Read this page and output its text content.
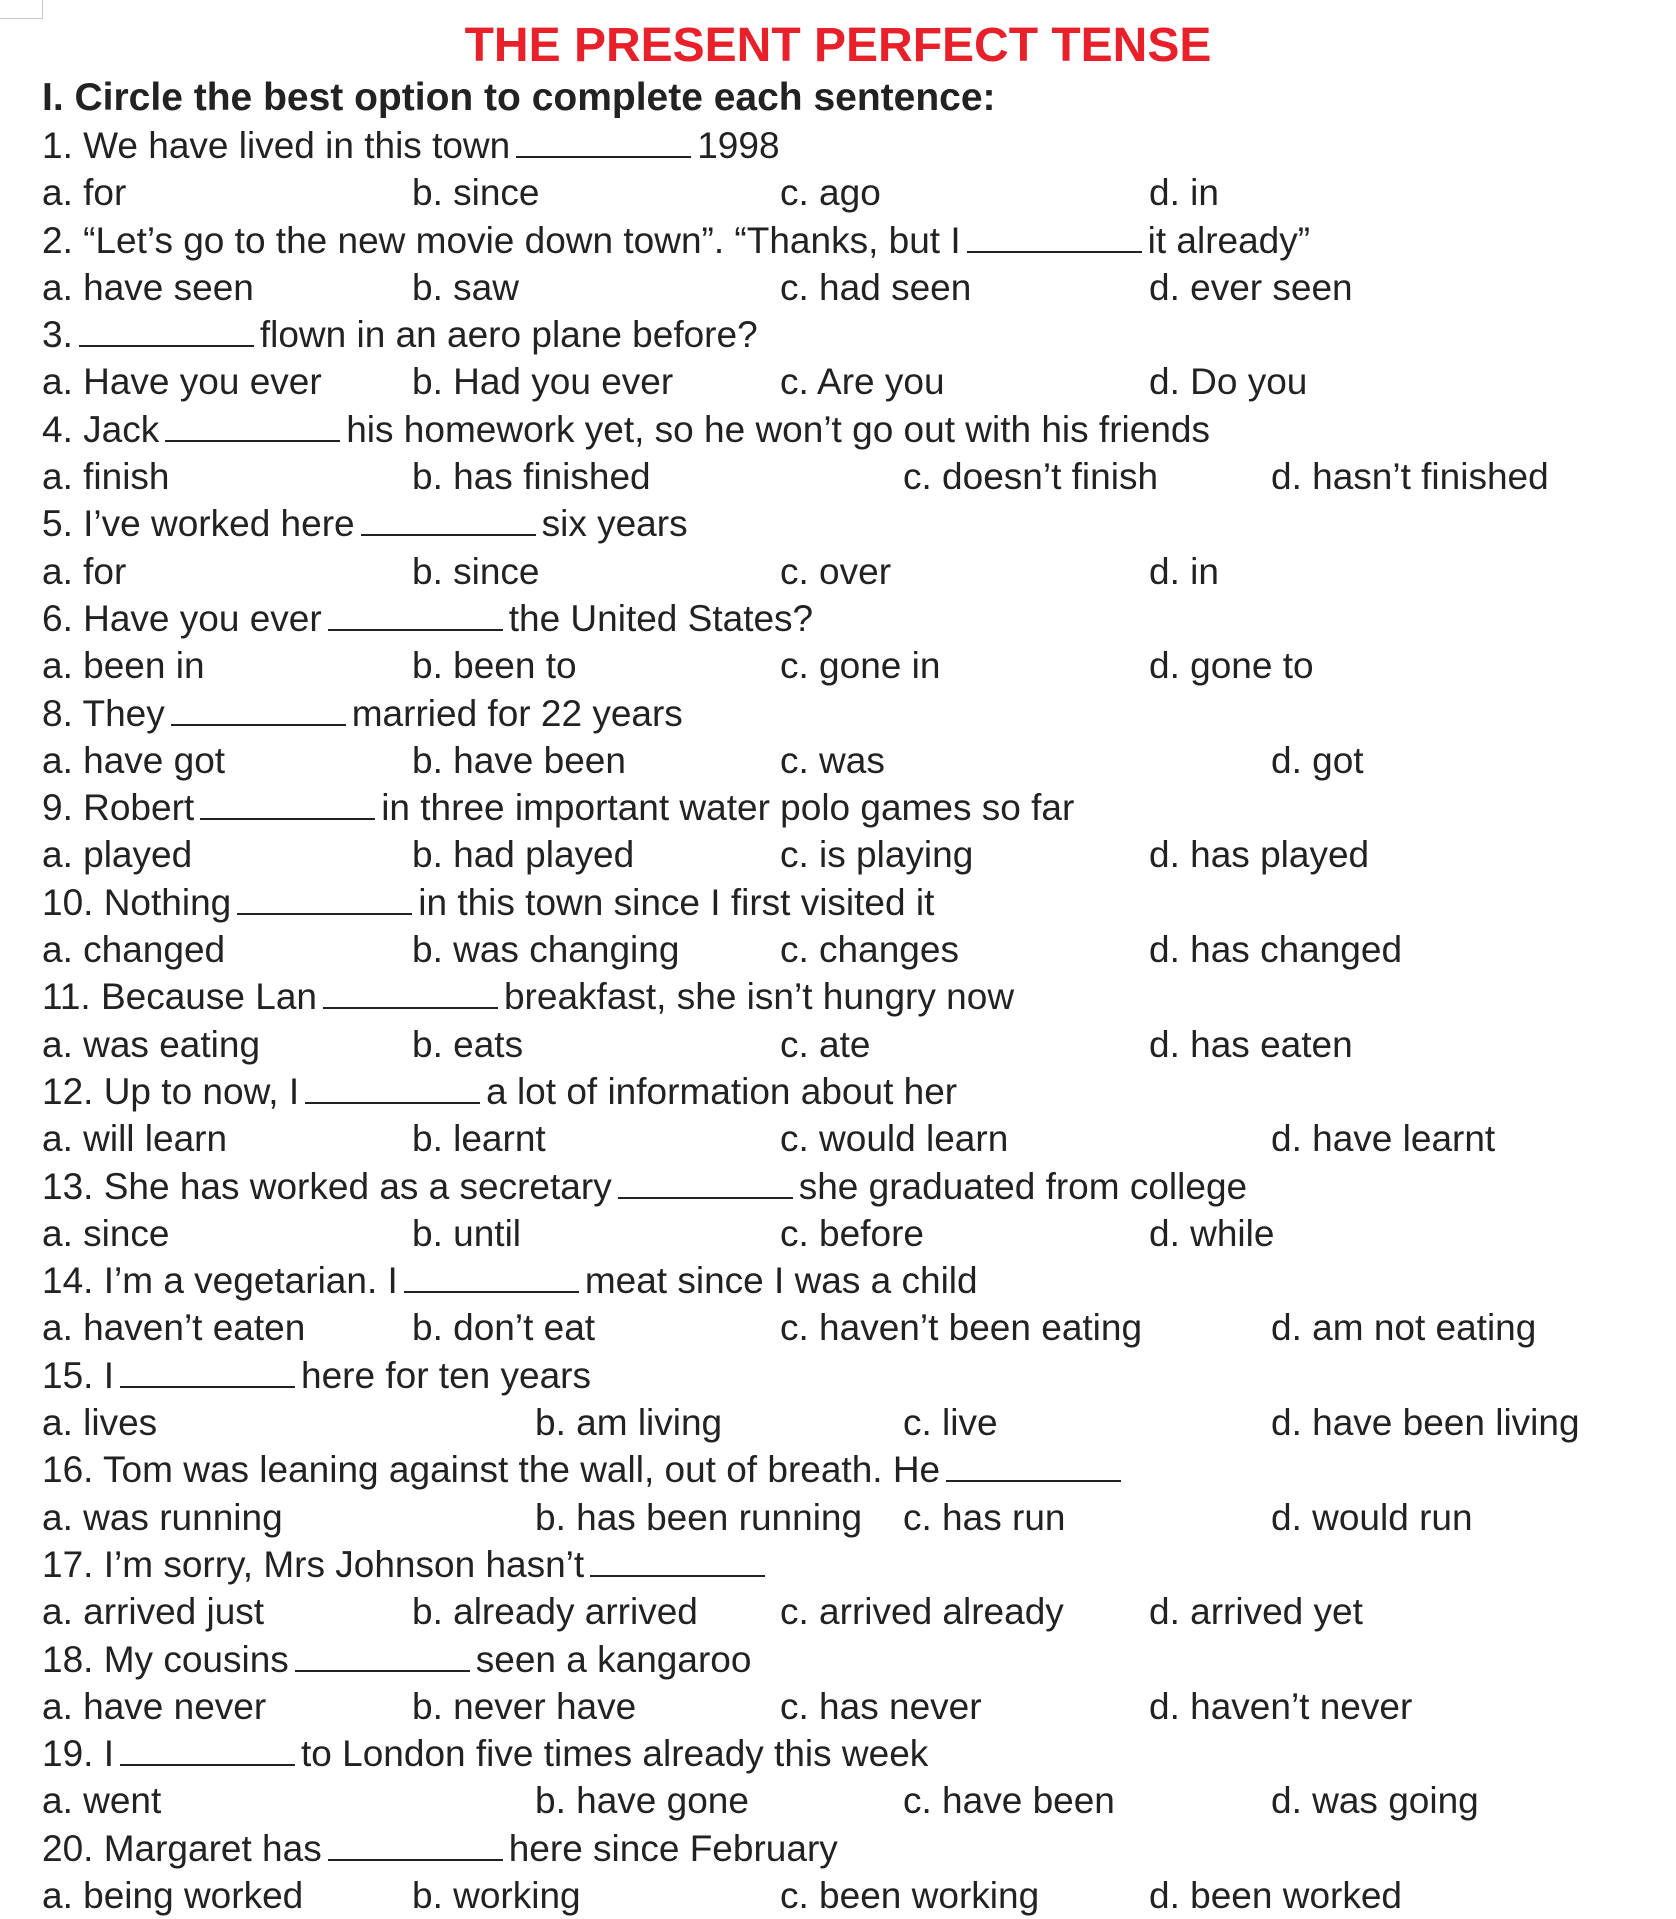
THE PRESENT PERFECT TENSE
I. Circle the best option to complete each sentence:
1. We have lived in this town	1998
a. for	b. since	c. ago	d. in
2. “Let’s go to the new movie down town”. “Thanks, but I	it already”
a. have seen	b. saw	c. had seen	d. ever seen
3.	flown in an aero plane before?
a. Have you ever b. Had you ever	c. Are you	d. Do you
4. Jack	his homework yet, so he won’t go out with his friends
a. finish	b. has finished	c. doesn’t finish	d. hasn’t finished
5. I’ve worked here	six years
a. for	b. since	c. over	d. in
6. Have you ever	the United States?
a. been in	b. been to	c. gone in	d. gone to
8. They	married for 22 years
a. have got	b. have been	c. was	d. got
9. Robert	in three important water polo games so far
a. played	b. had played	c. is playing	d. has played
10. Nothing	in this town since I first visited it
a. changed	b. was changing	c. changes	d. has changed
11. Because Lan	breakfast, she isn’t hungry now
a. was eating	b. eats	c. ate	d. has eaten
12. Up to now, I	a lot of information about her
a. will learn	b. learnt	c. would learn	d. have learnt
13. She has worked as a secretary	she graduated from college
a. since	b. until	c. before	d. while
14. I’m a vegetarian. I	meat since I was a child
a. haven’t eaten	b. don’t eat	c. haven’t been eating	d. am not eating
15. I	here for ten years
a. lives	b. am living	c. live	d. have been living
16. Tom was leaning against the wall, out of breath. He
a. was running	b. has been running c. has run	d. would run
17. I’m sorry, Mrs Johnson hasn’t
a. arrived just	b. already arrived c. arrived already d. arrived yet
18. My cousins	seen a kangaroo
a. have never	b. never have	c. has never	d. haven’t never
19. I	to London five times already this week
a. went	b. have gone	c. have been	d. was going
20. Margaret has	here since February
a. being worked	b. working	c. been working	d. been worked
